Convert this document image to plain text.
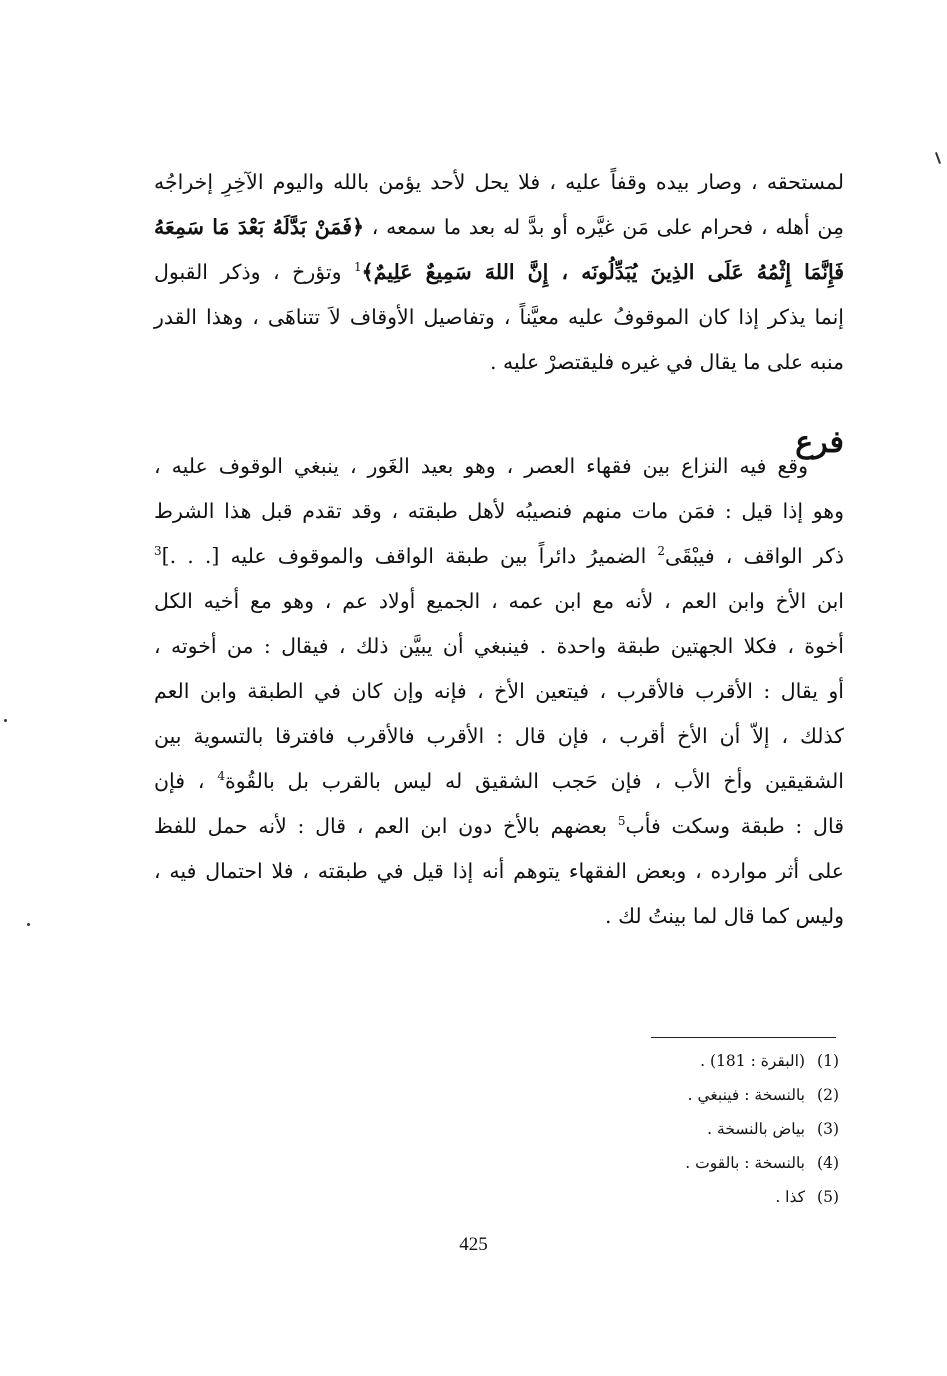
لمستحقه ، وصار بيده وقفاً عليه ، فلا يحل لأحد يؤمن بالله واليوم الآخِرِ إخراجُه
مِن أهله ، فحرام على مَن غيَّره أو بدَّ له بعد ما سمعه ، ﴿فَمَنْ بَدَّلَهُ بَعْدَ مَا سَمِعَهُ
فَإِنَّمَا إِثْمُهُ عَلَى الذِينَ يُبَدِّلُونَه ، إِنَّ اللهَ سَمِيعٌ عَلِيمٌ﴾$^1$ وتؤرخ ، وذكر القبول
إنما يذكر إذا كان الموقوفُ عليه معيَّناً ، وتفاصيل الأوقاف لاَ تتناهَى ، وهذا القدر
منبه على ما يقال في غيره فليقتصرْ عليه .
فرع
وقع فيه النزاع بين فقهاء العصر ، وهو بعيد الغَور ، ينبغي الوقوف عليه ،
وهو إذا قيل : فمَن مات منهم فنصيبُه لأهل طبقته ، وقد تقدم قبل هذا الشرط
ذكر الواقف ، فيبْقَى$^2$ الضميرُ دائراً بين طبقة الواقف والموقوف عليه [. . .]$^3$
ابن الأخ وابن العم ، لأنه مع ابن عمه ، الجميع أولاد عم ، وهو مع أخيه الكل
أخوة ، فكلا الجهتين طبقة واحدة . فينبغي أن يبيَّن ذلك ، فيقال : من أخوته ،
أو يقال : الأقرب فالأقرب ، فيتعين الأخ ، فإنه وإن كان في الطبقة وابن العم
كذلك ، إلاّ أن الأخ أقرب ، فإن قال : الأقرب فالأقرب فافترقا بالتسوية بين
الشقيقين وأخ الأب ، فإن حَجب الشقيق له ليس بالقرب بل بالقُوة$^4$ ، فإن
قال : طبقة وسكت فأب$^5$ بعضهم بالأخ دون ابن العم ، قال : لأنه حمل للفظ
على أثر موارده ، وبعض الفقهاء يتوهم أنه إذا قيل في طبقته ، فلا احتمال فيه ،
وليس كما قال لما بينتُ لك .
(1)(البقرة : 181) .
(2)بالنسخة : فينبغي .
(3)بياض بالنسخة .
(4)بالنسخة : بالقوت .
(5)كذا .
425
